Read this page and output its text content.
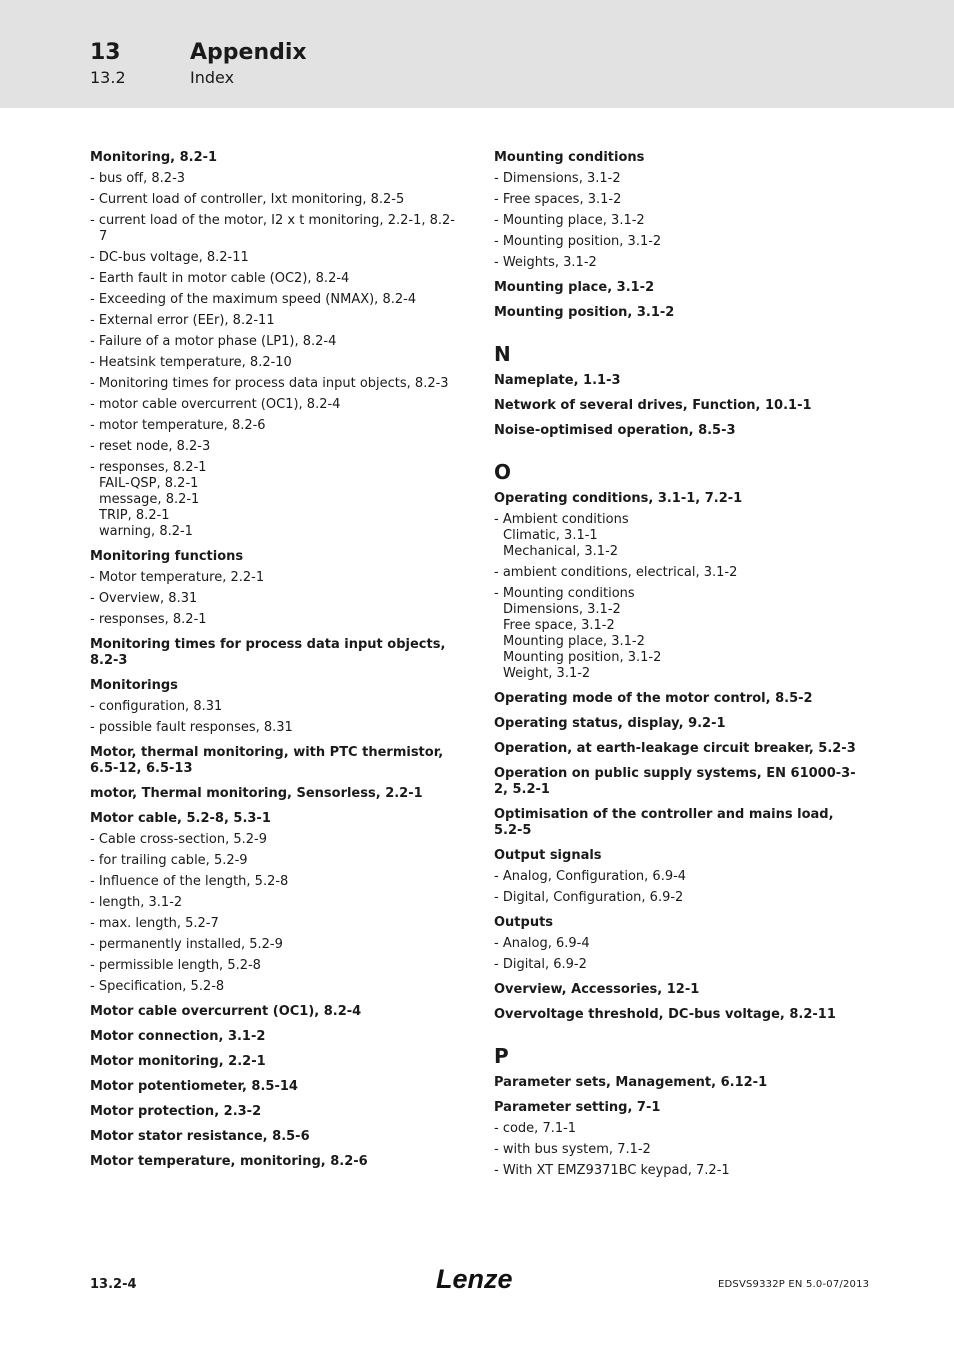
13	Appendix
13.2	Index
Monitoring, 8.2-1
- bus off, 8.2-3
- Current load of controller, Ixt monitoring, 8.2-5
- current load of the motor, I2 x t monitoring, 2.2-1, 8.2-7
- DC-bus voltage, 8.2-11
- Earth fault in motor cable (OC2), 8.2-4
- Exceeding of the maximum speed (NMAX), 8.2-4
- External error (EEr), 8.2-11
- Failure of a motor phase (LP1), 8.2-4
- Heatsink temperature, 8.2-10
- Monitoring times for process data input objects, 8.2-3
- motor cable overcurrent (OC1), 8.2-4
- motor temperature, 8.2-6
- reset node, 8.2-3
- responses, 8.2-1
FAIL-QSP, 8.2-1
message, 8.2-1
TRIP, 8.2-1
warning, 8.2-1
Monitoring functions
- Motor temperature, 2.2-1
- Overview, 8.31
- responses, 8.2-1
Monitoring times for process data input objects, 8.2-3
Monitorings
- configuration, 8.31
- possible fault responses, 8.31
Motor, thermal monitoring, with PTC thermistor, 6.5-12, 6.5-13
motor, Thermal monitoring, Sensorless, 2.2-1
Motor cable, 5.2-8, 5.3-1
- Cable cross-section, 5.2-9
- for trailing cable, 5.2-9
- Influence of the length, 5.2-8
- length, 3.1-2
- max. length, 5.2-7
- permanently installed, 5.2-9
- permissible length, 5.2-8
- Specification, 5.2-8
Motor cable overcurrent (OC1), 8.2-4
Motor connection, 3.1-2
Motor monitoring, 2.2-1
Motor potentiometer, 8.5-14
Motor protection, 2.3-2
Motor stator resistance, 8.5-6
Motor temperature, monitoring, 8.2-6
Mounting conditions
- Dimensions, 3.1-2
- Free spaces, 3.1-2
- Mounting place, 3.1-2
- Mounting position, 3.1-2
- Weights, 3.1-2
Mounting place, 3.1-2
Mounting position, 3.1-2
N
Nameplate, 1.1-3
Network of several drives, Function, 10.1-1
Noise-optimised operation, 8.5-3
O
Operating conditions, 3.1-1, 7.2-1
- Ambient conditions
Climatic, 3.1-1
Mechanical, 3.1-2
- ambient conditions, electrical, 3.1-2
- Mounting conditions
Dimensions, 3.1-2
Free space, 3.1-2
Mounting place, 3.1-2
Mounting position, 3.1-2
Weight, 3.1-2
Operating mode of the motor control, 8.5-2
Operating status, display, 9.2-1
Operation, at earth-leakage circuit breaker, 5.2-3
Operation on public supply systems, EN 61000-3-2, 5.2-1
Optimisation of the controller and mains load, 5.2-5
Output signals
- Analog, Configuration, 6.9-4
- Digital, Configuration, 6.9-2
Outputs
- Analog, 6.9-4
- Digital, 6.9-2
Overview, Accessories, 12-1
Overvoltage threshold, DC-bus voltage, 8.2-11
P
Parameter sets, Management, 6.12-1
Parameter setting, 7-1
- code, 7.1-1
- with bus system, 7.1-2
- With XT EMZ9371BC keypad, 7.2-1
13.2-4	Lenze	EDSVS9332P EN 5.0-07/2013
